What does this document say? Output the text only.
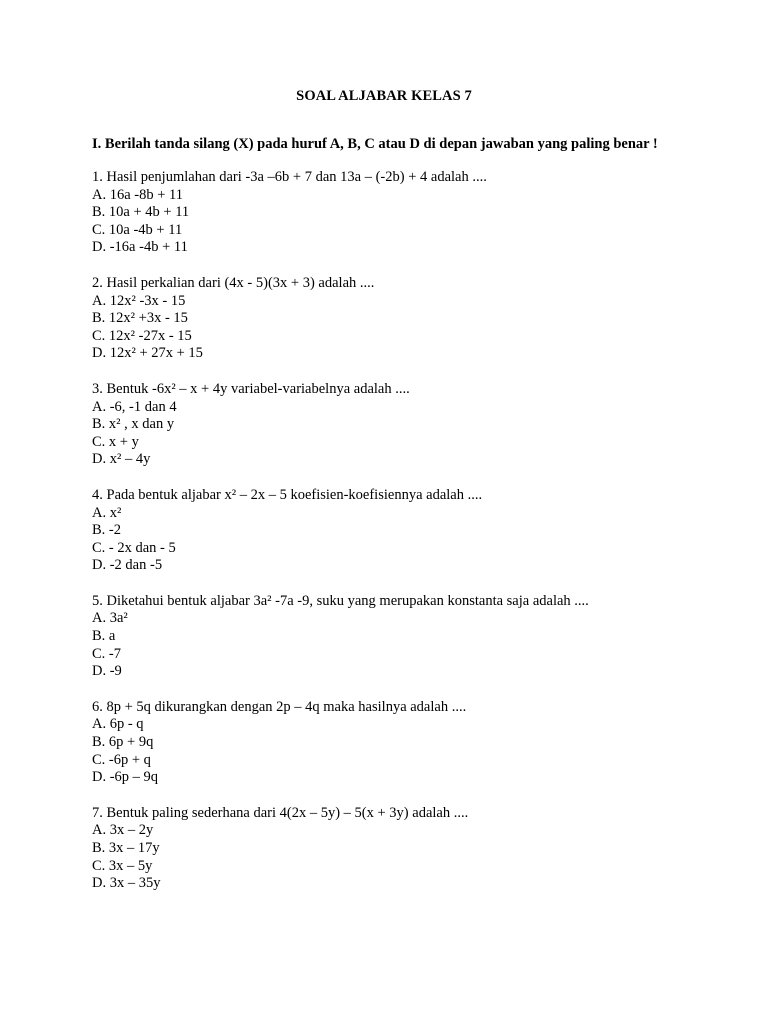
SOAL ALJABAR KELAS 7
I. Berilah tanda silang (X) pada huruf A, B, C atau D di depan jawaban yang paling benar !
1. Hasil penjumlahan dari -3a –6b + 7 dan 13a – (-2b) + 4 adalah ....
A. 16a -8b + 11
B. 10a + 4b + 11
C. 10a -4b + 11
D. -16a -4b + 11
2. Hasil perkalian dari (4x - 5)(3x + 3) adalah ....
A. 12x² -3x - 15
B. 12x² +3x - 15
C. 12x² -27x - 15
D. 12x² + 27x + 15
3. Bentuk -6x² – x + 4y variabel-variabelnya adalah ....
A. -6, -1 dan 4
B. x² , x dan y
C. x + y
D. x² – 4y
4. Pada bentuk aljabar x² – 2x – 5 koefisien-koefisiennya adalah ....
A. x²
B. -2
C. - 2x dan - 5
D. -2 dan -5
5. Diketahui bentuk aljabar 3a² -7a -9, suku yang merupakan konstanta saja adalah ....
A. 3a²
B. a
C. -7
D. -9
6. 8p + 5q dikurangkan dengan 2p – 4q maka hasilnya adalah ....
A. 6p - q
B. 6p + 9q
C. -6p + q
D. -6p – 9q
7. Bentuk paling sederhana dari 4(2x – 5y) – 5(x + 3y) adalah ....
A. 3x – 2y
B. 3x – 17y
C. 3x – 5y
D. 3x – 35y
